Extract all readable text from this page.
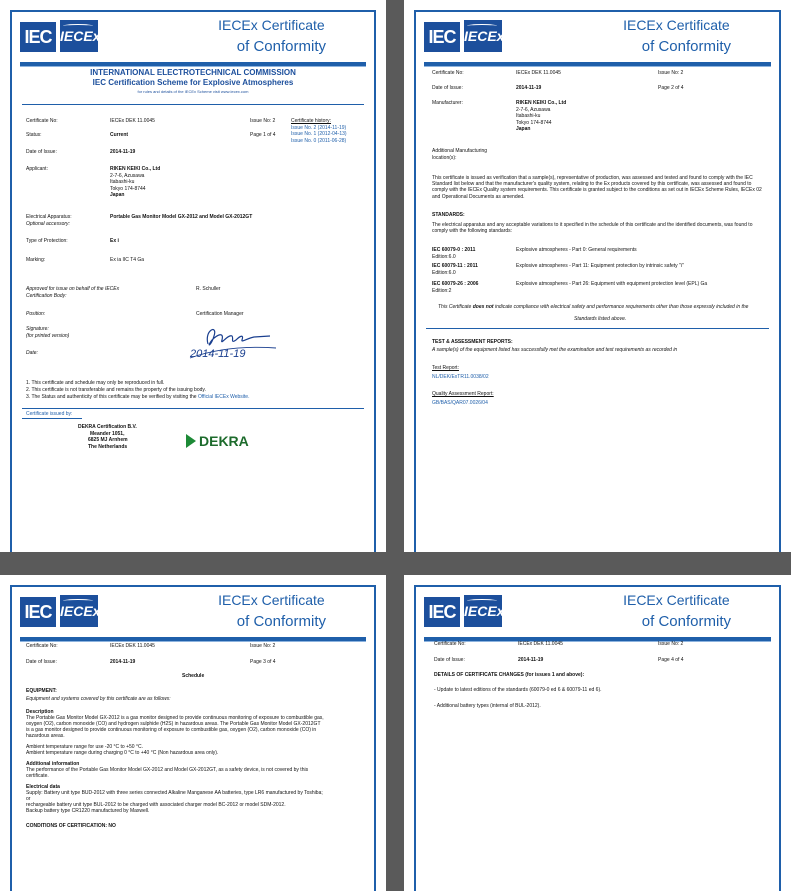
IEC IECEx
IECEx Certificate
of Conformity
INTERNATIONAL ELECTROTECHNICAL COMMISSION
IEC Certification Scheme for Explosive Atmospheres
for rules and details of the IECEx Scheme visit www.iecex.com
Certificate No:	IECEx DEK 11.0045	Issue No: 2	Certificate history:
Issue No. 2 (2014-11-19)
Issue No. 1 (2012-04-13)
Issue No. 0 (2011-06-28)
Status:	Current	Page 1 of 4
Date of Issue:	2014-11-19
Applicant:	RIKEN KEIKI Co., Ltd
2-7-6, Azusawa
Itabashi-ku
Tokyo 174-8744
Japan
Electrical Apparatus:	Portable Gas Monitor Model GX-2012 and Model GX-2012GT
Optional accessory:
Type of Protection:	Ex i
Marking:	Ex ia IIC T4 Ga
Approved for issue on behalf of the IECEx
Certification Body:
R. Schuller
Position:	Certification Manager
Signature:
(for printed version)
Date:	2014-11-19
1. This certificate and schedule may only be reproduced in full.
2. This certificate is not transferable and remains the property of the issuing body.
3. The Status and authenticity of this certificate may be verified by visiting the Official IECEx Website.
Certificate issued by:
DEKRA Certification B.V.
Meander 1051,
6825 MJ Arnhem
The Netherlands	DEKRA
IEC IECEx
IECEx Certificate
of Conformity
Certificate No:	IECEx DEK 11.0045	Issue No: 2
Date of Issue:	2014-11-19	Page 2 of 4
Manufacturer:	RIKEN KEIKI Co., Ltd
2-7-6, Azusawa
Itabashi-ku
Tokyo 174-8744
Japan
Additional Manufacturing
location(s):
This certificate is issued as verification that a sample(s), representative of production, was assessed and tested and found to comply with the IEC Standard list below and that the manufacturer's quality system, relating to the Ex products covered by this certificate, was assessed and found to comply with the IECEx Quality system requirements. This certificate is granted subject to the conditions as set out in IECEx Scheme Rules, IECEx 02 and Operational Documents as amended.
STANDARDS:
The electrical apparatus and any acceptable variations to it specified in the schedule of this certificate and the identified documents, was found to comply with the following standards:
IEC 60079-0 : 2011
Edition:6.0
Explosive atmospheres - Part 0: General requirements
IEC 60079-11 : 2011
Edition:6.0
Explosive atmospheres - Part 11: Equipment protection by intrinsic safety "i"
IEC 60079-26 : 2006
Edition:2
Explosive atmospheres - Part 26: Equipment with equipment protection level (EPL) Ga
This Certificate does not indicate compliance with electrical safety and performance requirements other than those expressly included in the
Standards listed above.
TEST & ASSESSMENT REPORTS:
A sample(s) of the equipment listed has successfully met the examination and test requirements as recorded in
Test Report:
NL/DEK/ExTR11.0038/02
Quality Assessment Report:
GB/BAS/QAR07.0026/04
IEC IECEx
IECEx Certificate
of Conformity
Certificate No:	IECEx DEK 11.0045	Issue No: 2
Date of Issue:	2014-11-19	Page 3 of 4
Schedule
EQUIPMENT:
Equipment and systems covered by this certificate are as follows:
Description
The Portable Gas Monitor Model GX-2012 is a gas monitor designed to provide continuous monitoring of exposure to combustible gas,
oxygen (O2), carbon monoxide (CO) and hydrogen sulphide (H2S) in hazardous areas. The Portable Gas Monitor Model GX-2012GT
is a gas monitor designed to provide continuous monitoring of exposure to combustible gas, oxygen (O2), carbon monoxide (CO) in
hazardous areas.
Ambient temperature range for use -20 °C to +50 °C.
Ambient temperature range during charging 0 °C to +40 °C (Non hazardous area only).
Additional information
The performance of the Portable Gas Monitor Model GX-2012 and Model GX-2012GT, as a safety device, is not covered by this
certificate.
Electrical data
Supply: Battery unit type BUD-2012 with three series connected Alkaline Manganese AA batteries, type LR6 manufactured by Toshiba;
or
rechargeable battery unit type BUL-2012 to be charged with associated charger model BC-2012 or model SDM-2012.
Backup battery type CR1220 manufactured by Maxwell.
CONDITIONS OF CERTIFICATION: NO
IEC IECEx
IECEx Certificate
of Conformity
Certificate No:	IECEx DEK 11.0045	Issue No: 2
Date of Issue:	2014-11-19	Page 4 of 4
DETAILS OF CERTIFICATE CHANGES (for issues 1 and above):
- Update to latest editions of the standards (60079-0 ed 6 & 60079-11 ed 6).
- Additional battery types (internal of BUL-2012).
